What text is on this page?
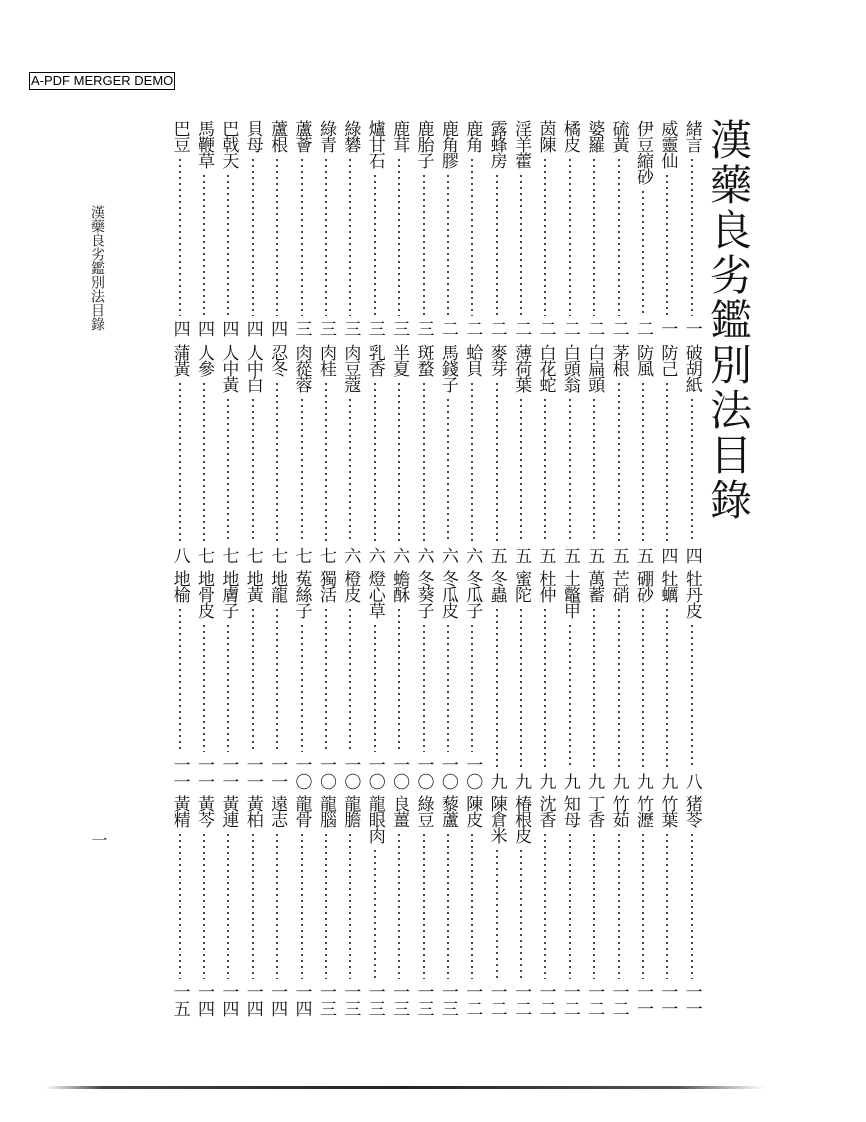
A-PDF MERGER DEMO
漢藥良劣鑑別法目錄
漢藥良劣鑑別法目錄
一
緒言
一
威靈仙
一
伊豆縮砂
二
硫黃
二
婆羅
二
橘皮
二
茵陳
二
淫羊藿
二
露蜂房
二
鹿角
二
鹿角膠
二
鹿胎子
三
鹿茸
三
爐甘石
三
綠礬
三
綠青
三
蘆薈
三
蘆根
四
貝母
四
巴戟天
四
馬鞭草
四
巴豆
四
破胡紙
四
防己
四
防風
五
茅根
五
白扁頭
五
白頭翁
五
白花蛇
五
薄荷葉
五
麥芽
五
蛤貝
六
馬錢子
六
斑蝥
六
半夏
六
乳香
六
肉豆蔻
六
肉桂
七
肉蓯蓉
七
忍冬
七
人中白
七
人中黃
七
人參
七
蒲黃
八
牡丹皮
八
牡蠣
九
硼砂
九
芒硝
九
萬蓄
九
土鼈甲
九
杜仲
九
蜜陀
九
冬蟲
九
冬瓜子
一〇
冬瓜皮
一〇
冬葵子
一〇
蟾酥
一〇
燈心草
一〇
橙皮
一〇
獨活
一〇
菟絲子
一〇
地龍
一一
地黃
一一
地膚子
一一
地骨皮
一一
地榆
一一
猪苓
一一
竹葉
一一
竹瀝
一一
竹茹
一二
丁香
一二
知母
一二
沈香
一二
椿根皮
一二
陳倉米
一二
陳皮
一二
藜蘆
一三
綠豆
一三
良薑
一三
龍眼肉
一三
龍膽
一三
龍腦
一三
龍骨
一四
遠志
一四
黃柏
一四
黃連
一四
黃芩
一四
黃精
一五
